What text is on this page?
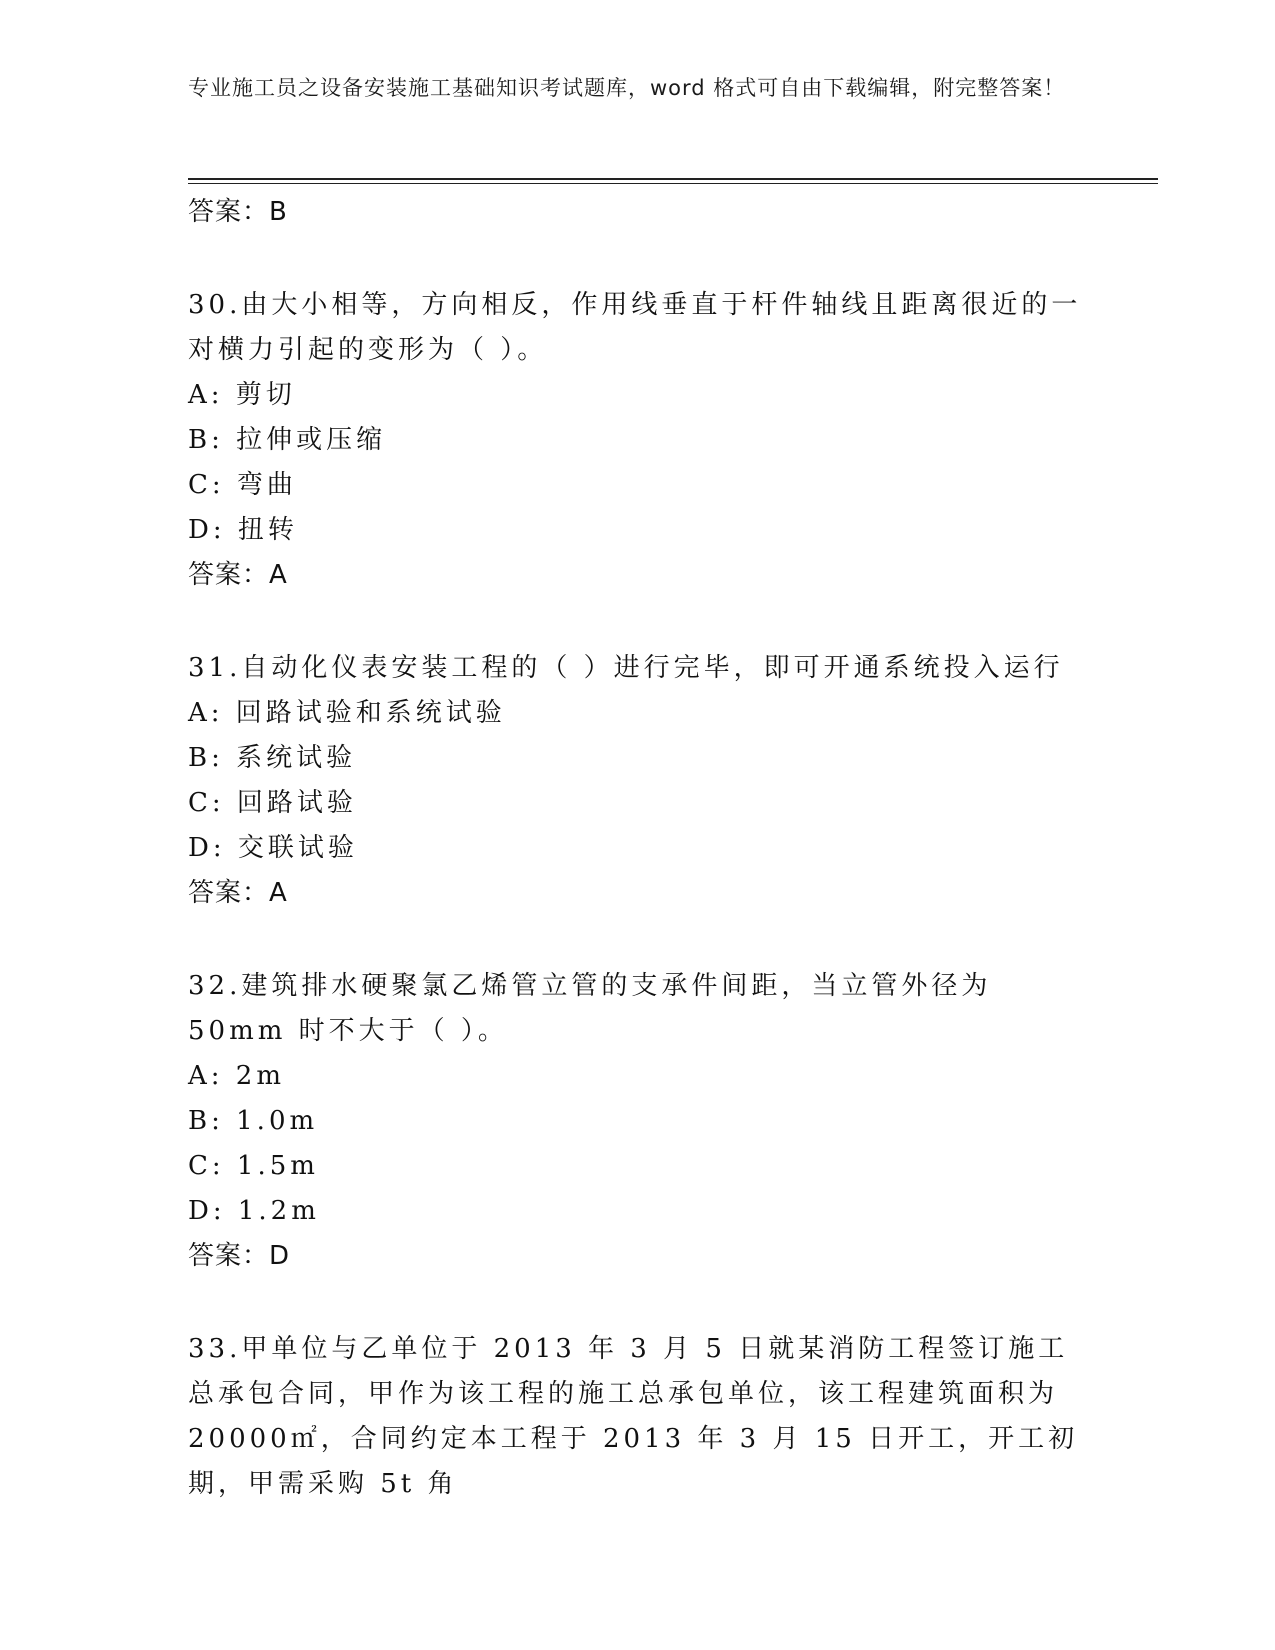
专业施工员之设备安装施工基础知识考试题库，word 格式可自由下载编辑，附完整答案！
答案：B
30.由大小相等，方向相反，作用线垂直于杆件轴线且距离很近的一对横力引起的变形为（ ）。
A: 剪切
B: 拉伸或压缩
C: 弯曲
D: 扭转
答案：A
31.自动化仪表安装工程的（ ）进行完毕，即可开通系统投入运行
A: 回路试验和系统试验
B: 系统试验
C: 回路试验
D: 交联试验
答案：A
32.建筑排水硬聚氯乙烯管立管的支承件间距，当立管外径为 50mm 时不大于（ ）。
A: 2m
B: 1.0m
C: 1.5m
D: 1.2m
答案：D
33.甲单位与乙单位于 2013 年 3 月 5 日就某消防工程签订施工总承包合同，甲作为该工程的施工总承包单位，该工程建筑面积为 20000㎡，合同约定本工程于 2013 年 3 月 15 日开工，开工初期，甲需采购 5t 角
